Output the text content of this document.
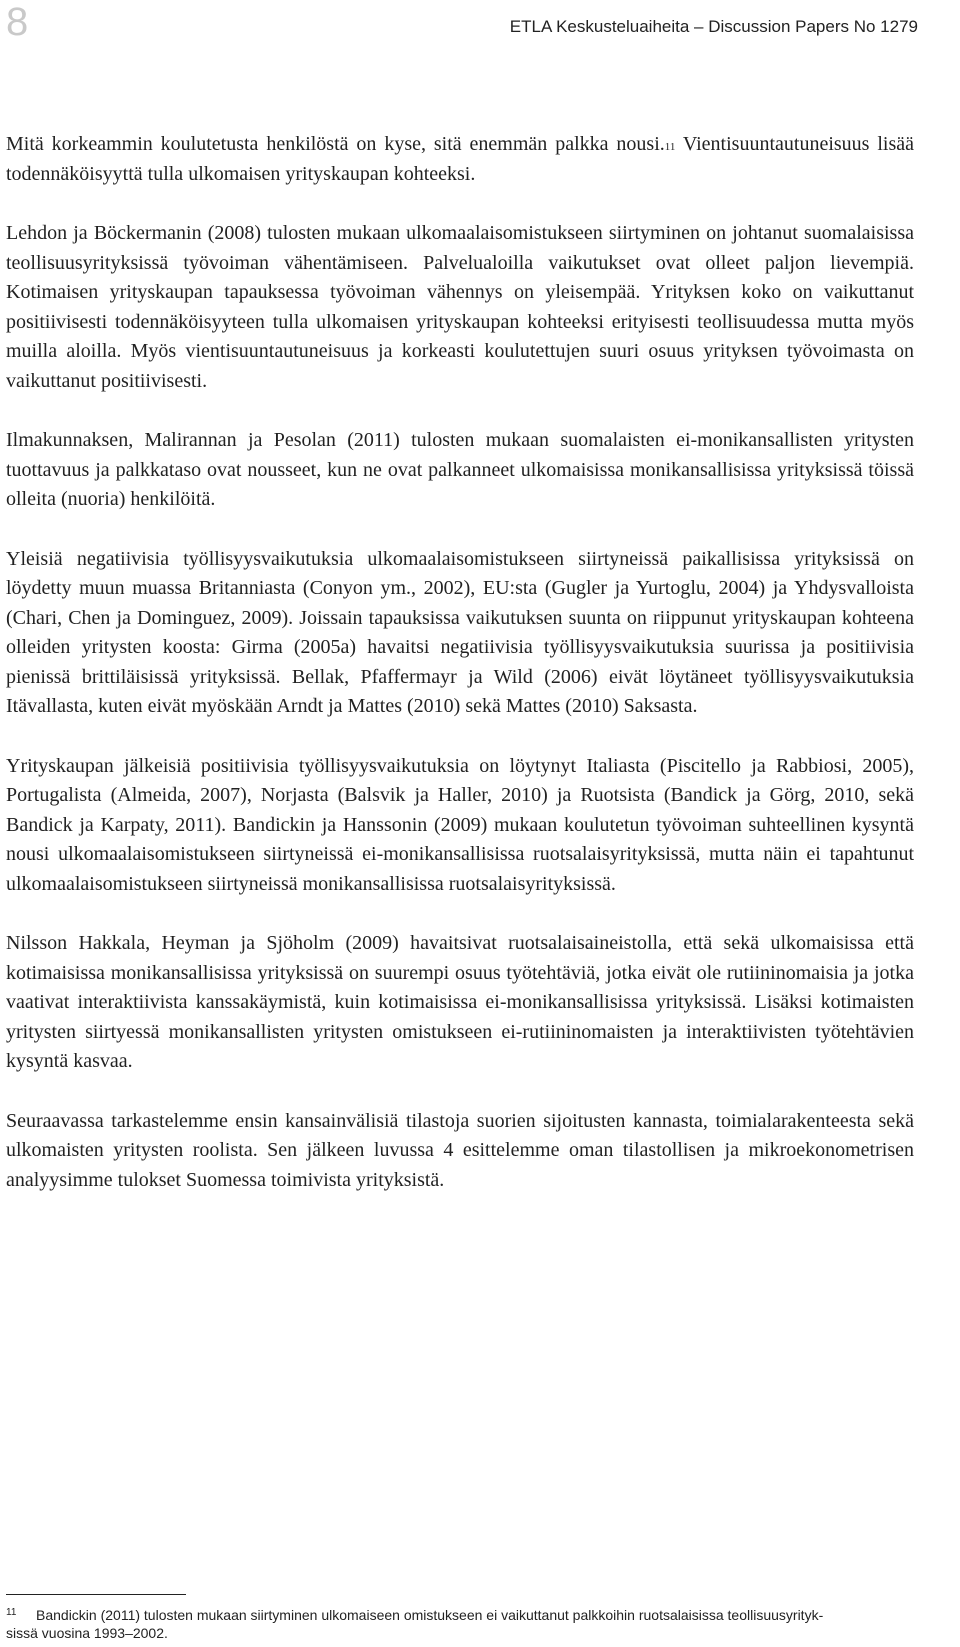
8	ETLA Keskusteluaiheita – Discussion Papers No 1279

Mitä korkeammin koulutetusta henkilöstä on kyse, sitä enemmän palkka nousi.$^{11}$ Vientisuuntautuneisuus lisää todennäköisyyttä tulla ulkomaisen yrityskaupan kohteeksi.

Lehdon ja Böckermanin (2008) tulosten mukaan ulkomaalaisomistukseen siirtyminen on johtanut suomalaisissa teollisuusyrityksissä työvoiman vähentämiseen. Palvelualoilla vaikutukset ovat olleet paljon lievempiä. Kotimaisen yrityskaupan tapauksessa työvoiman vähennys on yleisempää. Yrityksen koko on vaikuttanut positiivisesti todennäköisyyteen tulla ulkomaisen yrityskaupan kohteeksi erityisesti teollisuudessa mutta myös muilla aloilla. Myös vientisuuntautuneisuus ja korkeasti koulutettujen suuri osuus yrityksen työvoimasta on vaikuttanut positiivisesti.

Ilmakunnaksen, Malirannan ja Pesolan (2011) tulosten mukaan suomalaisten ei-monikansallisten yritysten tuottavuus ja palkkataso ovat nousseet, kun ne ovat palkanneet ulkomaisissa monikansallisissa yrityksissä töissä olleita (nuoria) henkilöitä.

Yleisiä negatiivisia työllisyysvaikutuksia ulkomaalaisomistukseen siirtyneissä paikallisissa yrityksissä on löydetty muun muassa Britanniasta (Conyon ym., 2002), EU:sta (Gugler ja Yurtoglu, 2004) ja Yhdysvalloista (Chari, Chen ja Dominguez, 2009). Joissain tapauksissa vaikutuksen suunta on riippunut yrityskaupan kohteena olleiden yritysten koosta: Girma (2005a) havaitsi negatiivisia työllisyysvaikutuksia suurissa ja positiivisia pienissä brittiläisissä yrityksissä. Bellak, Pfaffermayr ja Wild (2006) eivät löytäneet työllisyysvaikutuksia Itävallasta, kuten eivät myöskään Arndt ja Mattes (2010) sekä Mattes (2010) Saksasta.

Yrityskaupan jälkeisiä positiivisia työllisyysvaikutuksia on löytynyt Italiasta (Piscitello ja Rabbiosi, 2005), Portugalista (Almeida, 2007), Norjasta (Balsvik ja Haller, 2010) ja Ruotsista (Bandick ja Görg, 2010, sekä Bandick ja Karpaty, 2011). Bandickin ja Hanssonin (2009) mukaan koulutetun työvoiman suhteellinen kysyntä nousi ulkomaalaisomistukseen siirtyneissä ei-monikansallisissa ruotsalaisyrityksissä, mutta näin ei tapahtunut ulkomaalaisomistukseen siirtyneissä monikansallisissa ruotsalaisyrityksissä.

Nilsson Hakkala, Heyman ja Sjöholm (2009) havaitsivat ruotsalaisaineistolla, että sekä ulkomaisissa että kotimaisissa monikansallisissa yrityksissä on suurempi osuus työtehtäviä, jotka eivät ole rutiininomaisia ja jotka vaativat interaktiivista kanssakäymistä, kuin kotimaisissa ei-monikansallisissa yrityksissä. Lisäksi kotimaisten yritysten siirtyessä monikansallisten yritysten omistukseen ei-rutiininomaisten ja interaktiivisten työtehtävien kysyntä kasvaa.

Seuraavassa tarkastelemme ensin kansainvälisiä tilastoja suorien sijoitusten kannasta, toimialarakenteesta sekä ulkomaisten yritysten roolista. Sen jälkeen luvussa 4 esittelemme oman tilastollisen ja mikroekonometrisen analyysimme tulokset Suomessa toimivista yrityksistä.

11	Bandickin (2011) tulosten mukaan siirtyminen ulkomaiseen omistukseen ei vaikuttanut palkkoihin ruotsalaisissa teollisuusyrityk-
sissä vuosina 1993–2002.
